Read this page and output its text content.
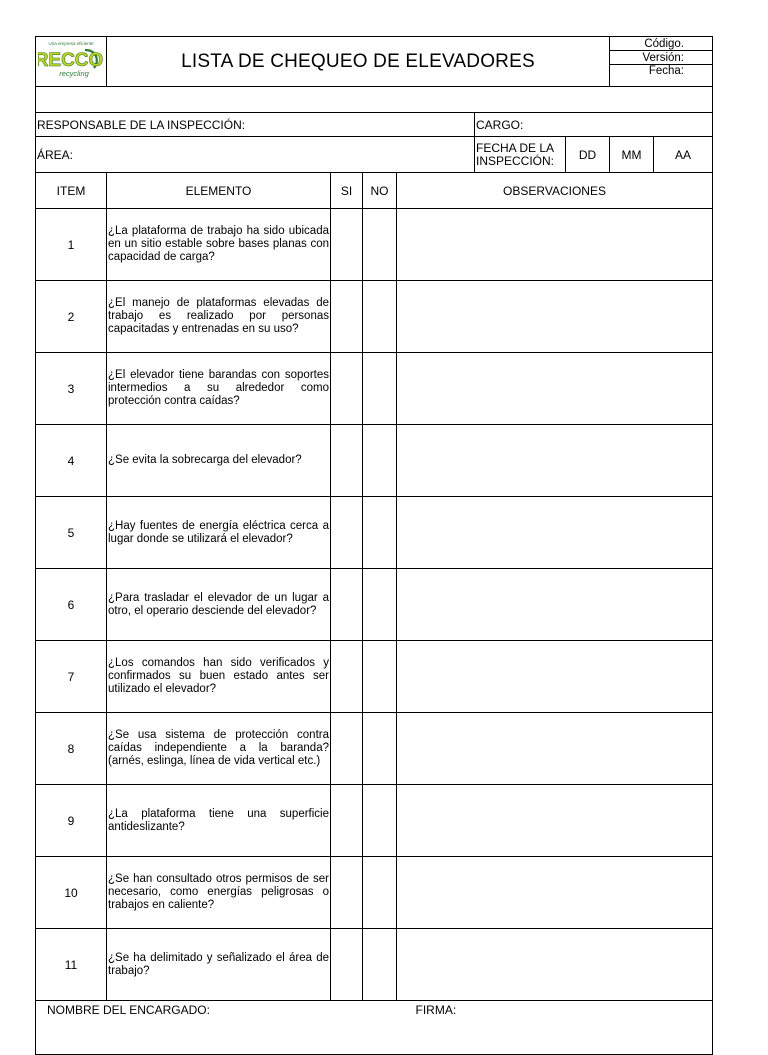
Una empresa eficiente
RECCO
recycling
	LISTA DE CHEQUEO DE ELEVADORES	Código.
Versión:
Fecha:

RESPONSABLE DE LA INSPECCIÓN:	CARGO:			
ÁREA:	FECHA DE LA INSPECCIÓN:	DD	MM	AA
ITEM	ELEMENTO	SI	NO	OBSERVACIONES
1	¿La plataforma de trabajo ha sido ubicada en un sitio estable sobre bases planas con capacidad de carga?			
2	¿El manejo de plataformas elevadas de trabajo es realizado por personas capacitadas y entrenadas en su uso?			
3	¿El elevador tiene barandas con soportes intermedios a su alrededor como protección contra caídas?			
4	¿Se evita la sobrecarga del elevador?			
5	¿Hay fuentes de energía eléctrica cerca a lugar donde se utilizará el elevador?			
6	¿Para trasladar el elevador de un lugar a otro, el operario desciende del elevador?			
7	¿Los comandos han sido verificados y confirmados su buen estado antes ser utilizado el elevador?			
8	¿Se usa sistema de protección contra caídas independiente a la baranda? (arnés, eslinga, línea de vida vertical etc.)			
9	¿La plataforma tiene una superficie antideslizante?			
10	¿Se han consultado otros permisos de ser necesario, como energías peligrosas o trabajos en caliente?			
11	¿Se ha delimitado y señalizado el área de trabajo?			
NOMBRE DEL ENCARGADO:	FIRMA:
